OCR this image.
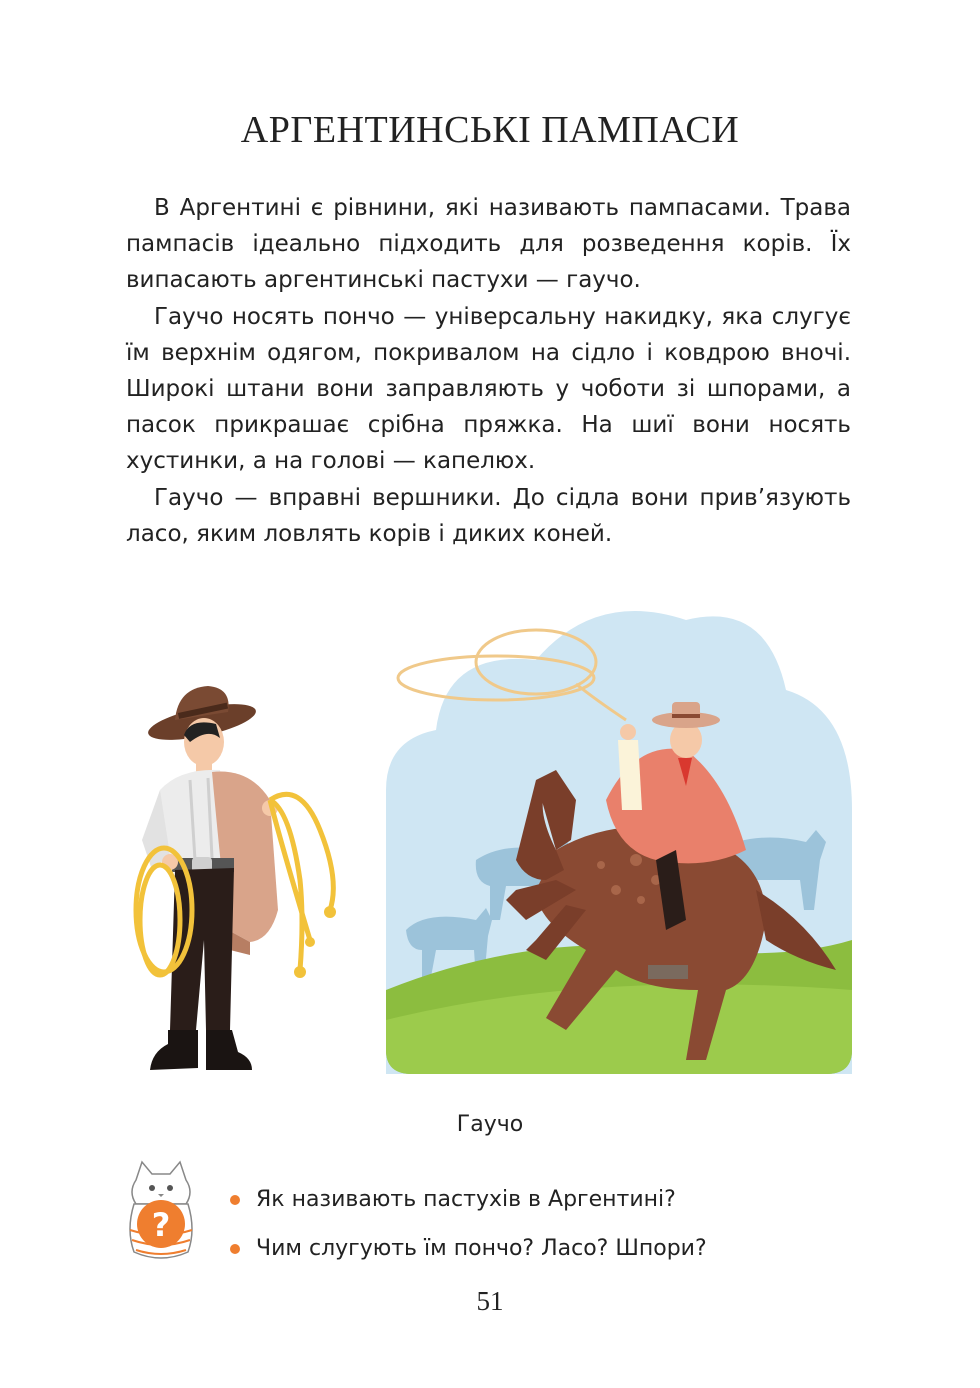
АРГЕНТИНСЬКІ ПАМПАСИ

В Аргентині є рівнини, які називають пампасами. Трава пампасів ідеально підходить для розведення корів. Їх випасають аргентинські пастухи — гаучо.

Гаучо носять пончо — універсальну накидку, яка слугує їм верхнім одягом, покривалом на сідло і ковдрою вночі. Широкі штани вони заправляють у чоботи зі шпорами, а пасок прикрашає срібна пряжка. На шиї вони носять хустинки, а на голові — капелюх.

Гаучо — вправні вершники. До сідла вони прив’язують ласо, яким ловлять корів і диких коней.

Гаучо
?
Як називають пастухів в Аргентині?
Чим слугують їм пончо? Ласо? Шпори?
51
